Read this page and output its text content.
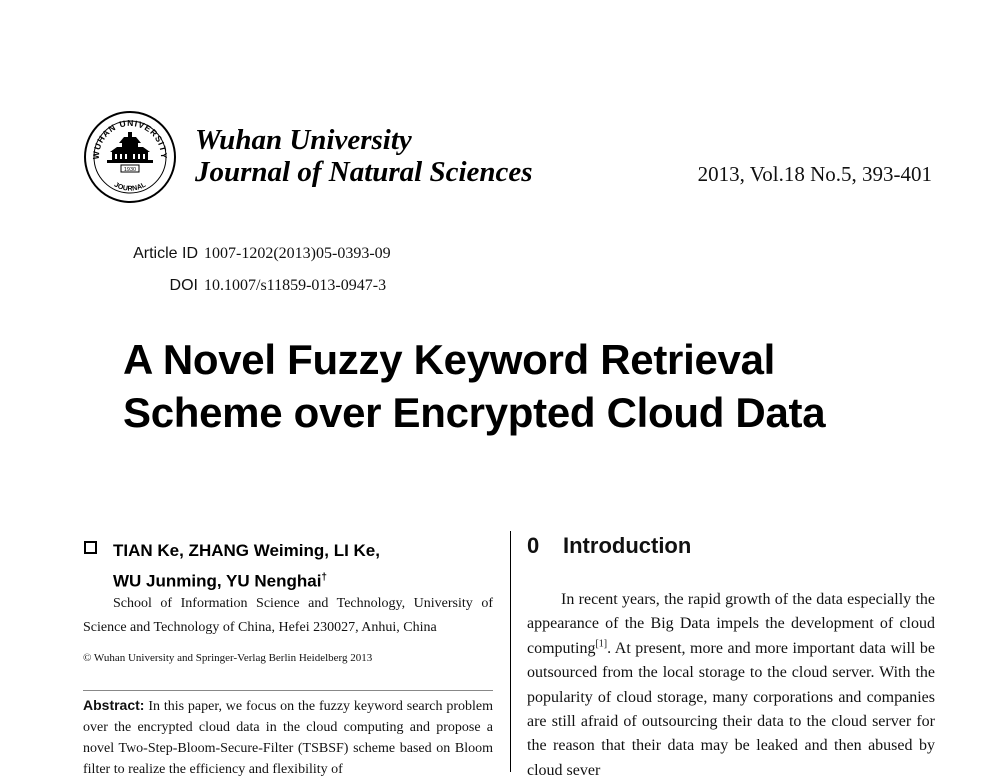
WUHAN UNIVERSITY
JOURNAL
1930
Wuhan University
Journal of Natural Sciences	2013, Vol.18 No.5, 393-401
Article ID 1007-1202(2013)05-0393-09
DOI 10.1007/s11859-013-0947-3
A Novel Fuzzy Keyword Retrieval
Scheme over Encrypted Cloud Data
TIAN Ke, ZHANG Weiming, LI Ke,
WU Junming, YU Nenghai†
School of Information Science and Technology, University of Science and Technology of China, Hefei 230027, Anhui, China
© Wuhan University and Springer-Verlag Berlin Heidelberg 2013
Abstract: In this paper, we focus on the fuzzy keyword search problem over the encrypted cloud data in the cloud computing and propose a novel Two-Step-Bloom-Secure-Filter (TSBSF) scheme based on Bloom filter to realize the efficiency and flexibility of
0 Introduction
In recent years, the rapid growth of the data especially the appearance of the Big Data impels the development of cloud computing[1]. At present, more and more important data will be outsourced from the local storage to the cloud server. With the popularity of cloud storage, many corporations and companies are still afraid of outsourcing their data to the cloud server for the reason that their data may be leaked and then abused by cloud sever
